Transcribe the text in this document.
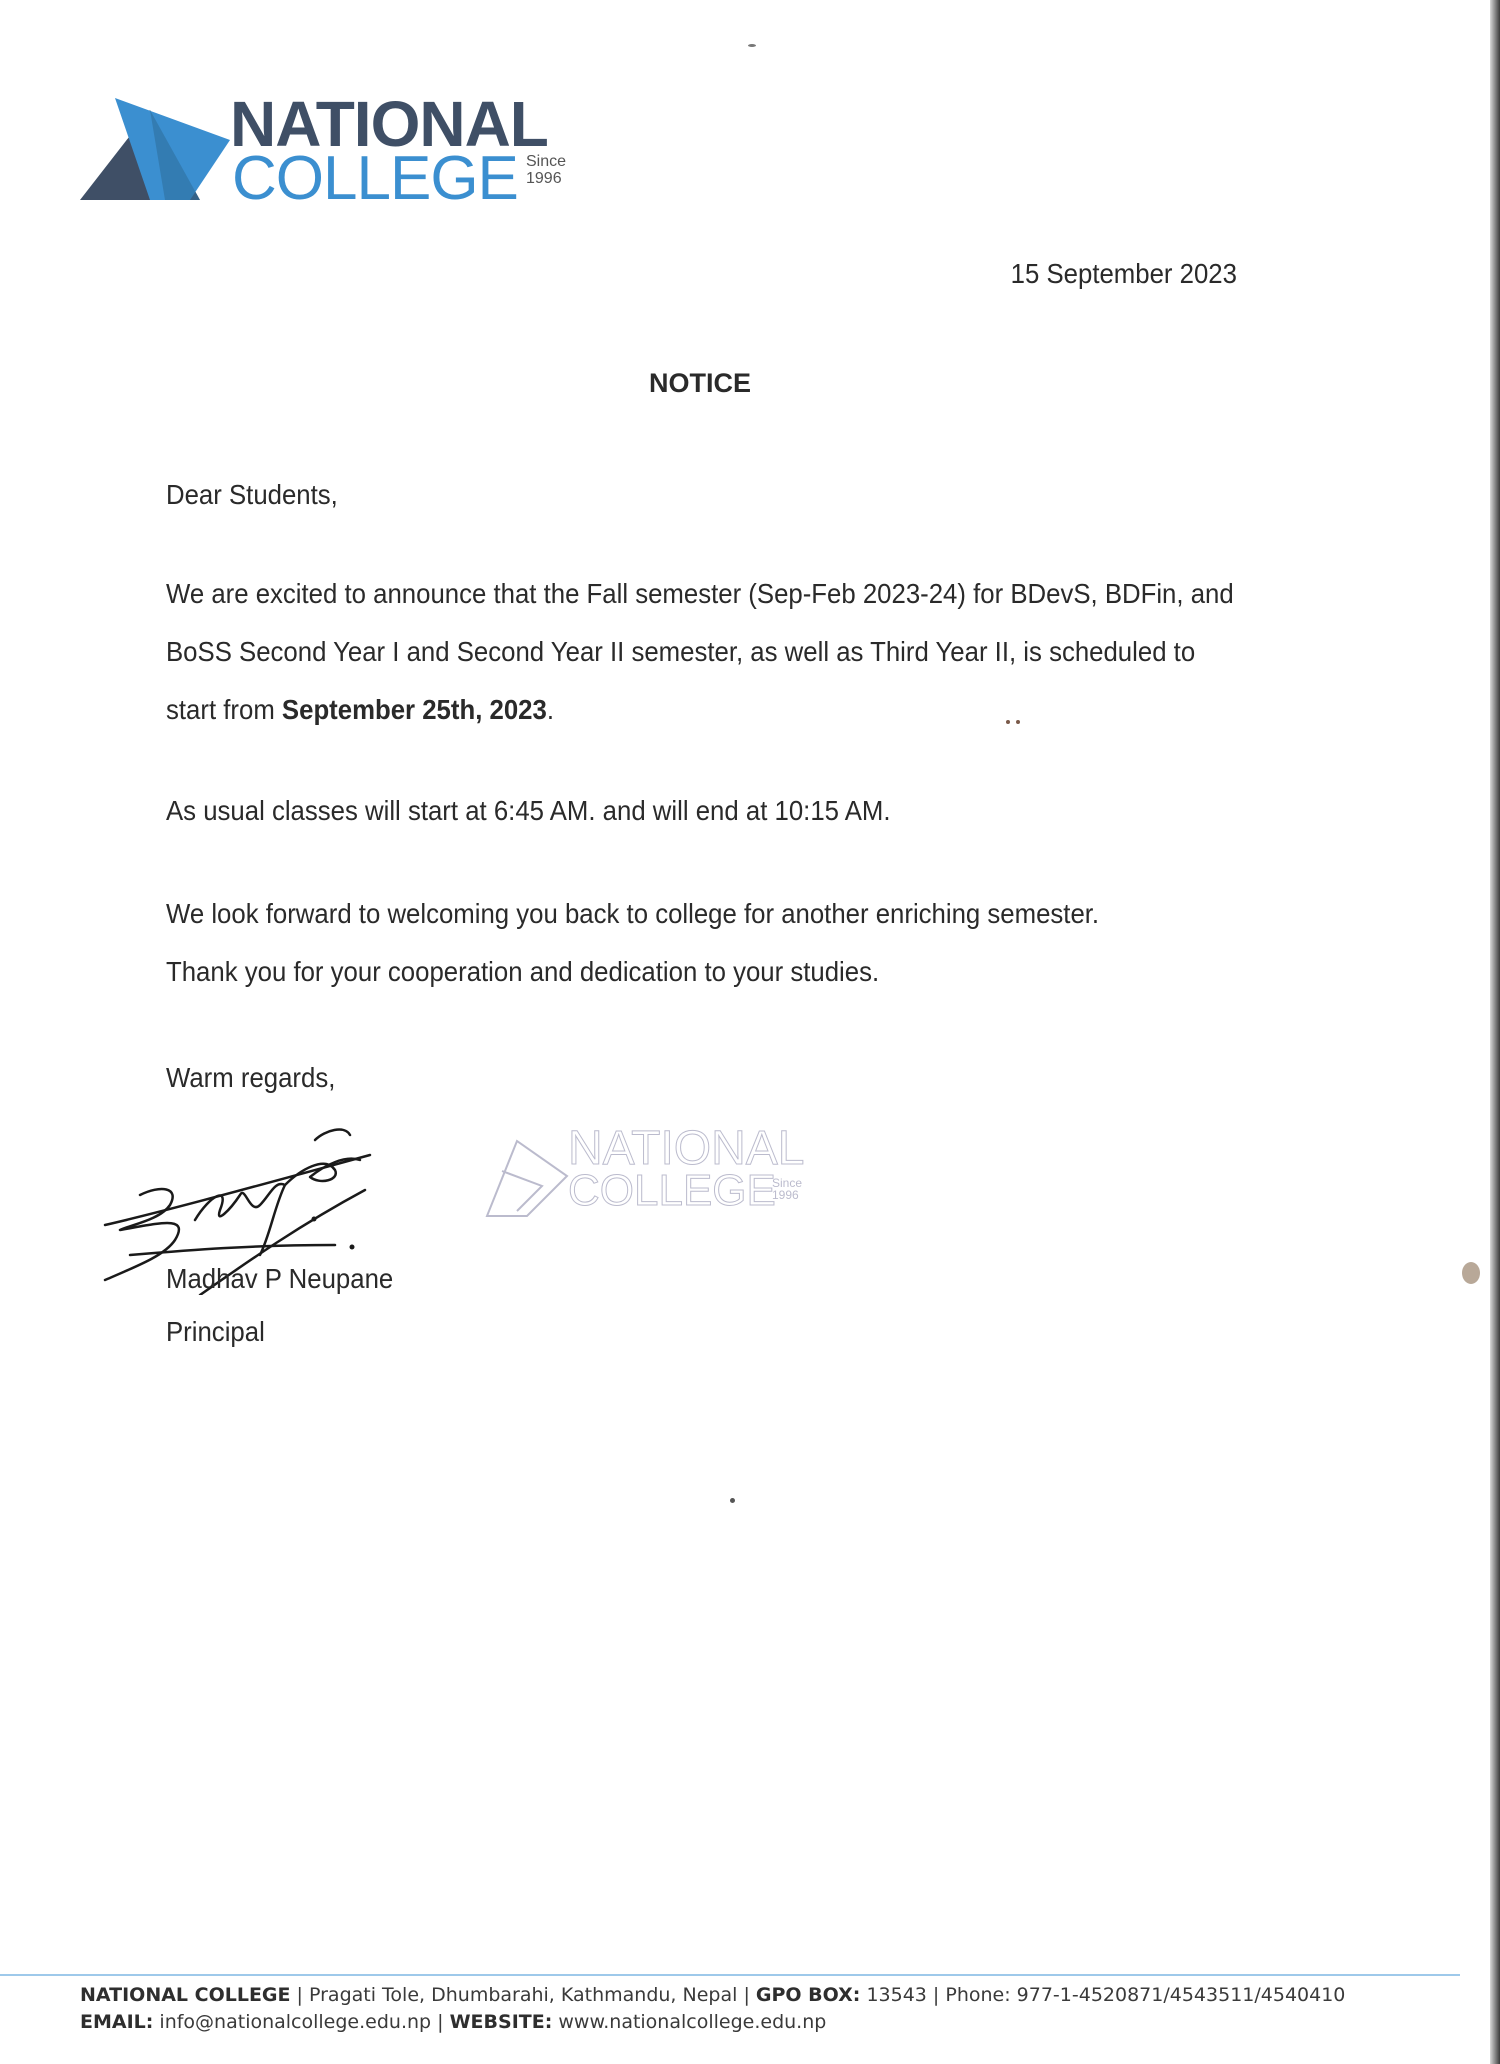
NATIONAL
COLLEGE Since
1996
15 September 2023
NOTICE
Dear Students,
We are excited to announce that the Fall semester (Sep-Feb 2023-24) for BDevS, BDFin, and
BoSS Second Year I and Second Year II semester, as well as Third Year II, is scheduled to
start from September 25th, 2023.
As usual classes will start at 6:45 AM. and will end at 10:15 AM.
We look forward to welcoming you back to college for another enriching semester.
Thank you for your cooperation and dedication to your studies.
Warm regards,
Madhav P Neupane
Principal
NATIONAL
COLLEGE
Since
1996
NATIONAL COLLEGE | Pragati Tole, Dhumbarahi, Kathmandu, Nepal | GPO BOX: 13543 | Phone: 977-1-4520871/4543511/4540410
EMAIL: info@nationalcollege.edu.np | WEBSITE: www.nationalcollege.edu.np
